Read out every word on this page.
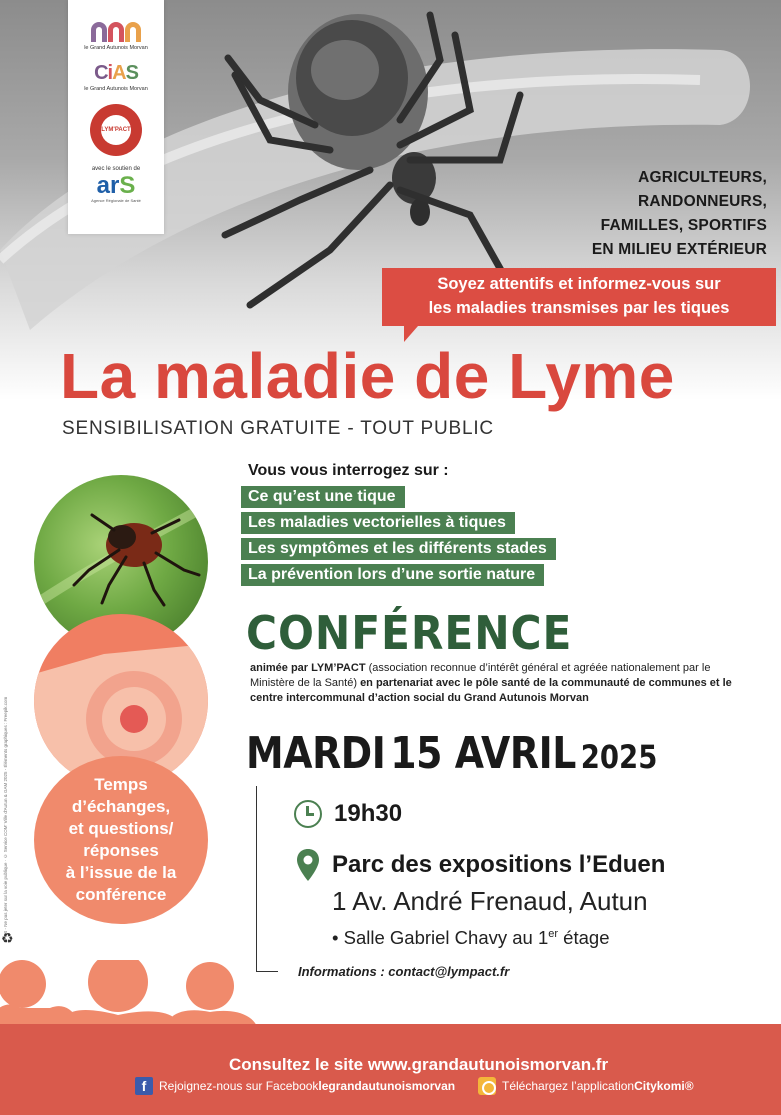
le Grand Autunois Morvan
CiAS
le Grand Autunois Morvan
LYM'PACT
avec le soutien de
arS
Agence Régionale de Santé
AGRICULTEURS,
RANDONNEURS,
FAMILLES, SPORTIFS
EN MILIEU EXTÉRIEUR
Soyez attentifs et informez-vous sur
les maladies transmises par les tiques
La maladie de Lyme
SENSIBILISATION GRATUITE - TOUT PUBLIC
Temps
d’échanges,
et questions/
réponses
à l’issue de la
conférence
PNS - Ne pas jeter sur la voie publique · © Service COM' Ville d'Autun & GAM 2025 - Éléments graphiques : Freepik.com
♻
Vous vous interrogez sur :
Ce qu’est une tique
Les maladies vectorielles à tiques
Les symptômes et les différents stades
La prévention lors d’une sortie nature
CONFÉRENCE
animée par LYM’PACT (association reconnue d’intérêt général et agréée nationalement par le Ministère de la Santé) en partenariat avec le pôle santé de la communauté de communes et le centre intercommunal d’action social du Grand Autunois Morvan
MARDI 15 AVRIL 2025
19h30
Parc des expositions l’Eduen
1 Av. André Frenaud, Autun
• Salle Gabriel Chavy au 1er étage
Informations : contact@lympact.fr
Consultez le site www.grandautunoismorvan.fr
f	Rejoignez-nous sur Facebook legrandautunoismorvan	Téléchargez l’application Citykomi®
